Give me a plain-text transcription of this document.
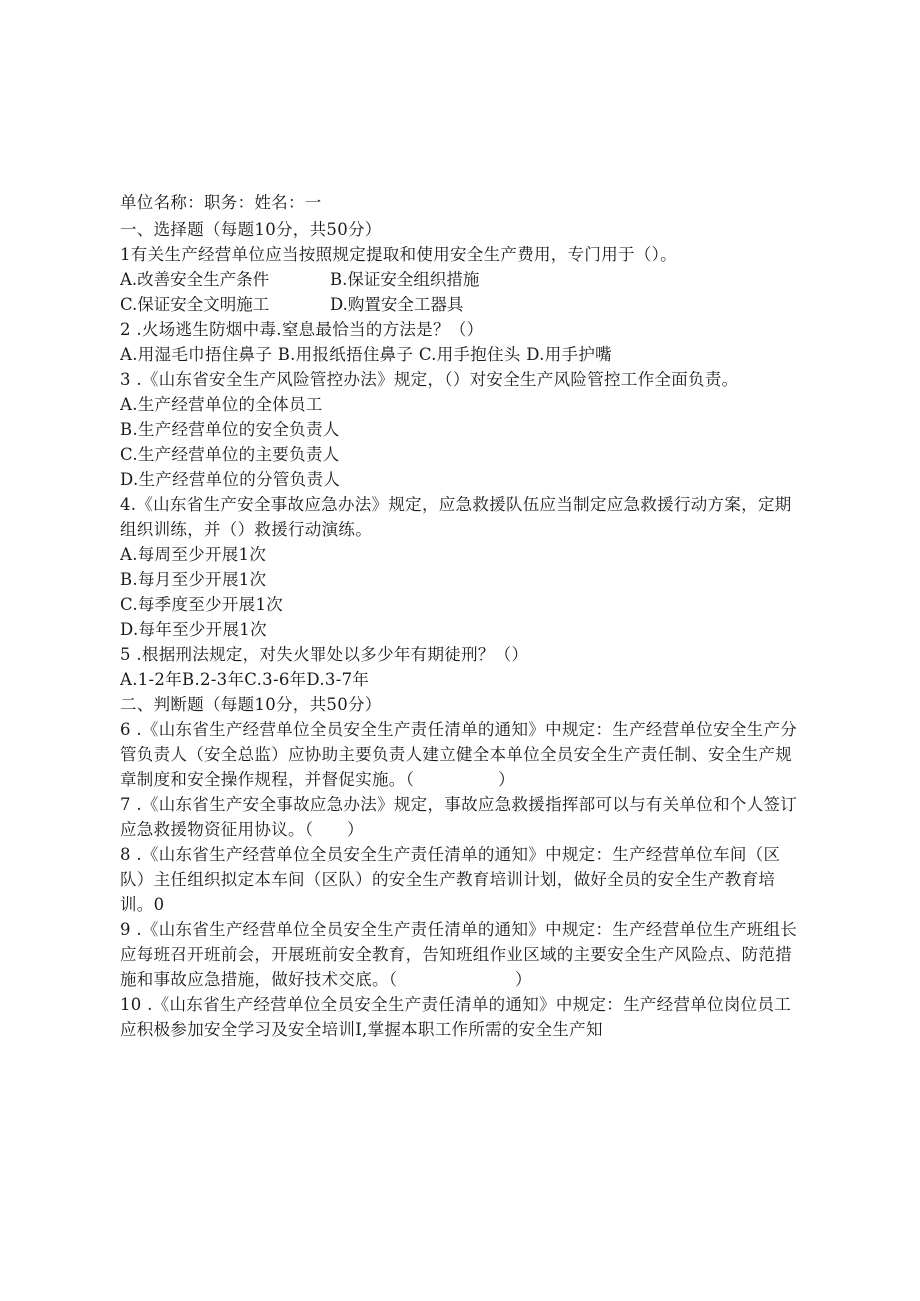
单位名称：职务：姓名：一
一、选择题（每题10分，共50分）
1有关生产经营单位应当按照规定提取和使用安全生产费用，专门用于（）。
A.改善安全生产条件	B.保证安全组织措施
C.保证安全文明施工	D.购置安全工器具
2 .火场逃生防烟中毒.窒息最恰当的方法是？（）
A.用湿毛巾捂住鼻子 B.用报纸捂住鼻子 C.用手抱住头 D.用手护嘴
3 .《山东省安全生产风险管控办法》规定，（）对安全生产风险管控工作全面负责。
A.生产经营单位的全体员工
B.生产经营单位的安全负责人
C.生产经营单位的主要负责人
D.生产经营单位的分管负责人
4.《山东省生产安全事故应急办法》规定，应急救援队伍应当制定应急救援行动方案，定期组织训练，并（）救援行动演练。
A.每周至少开展1次
B.每月至少开展1次
C.每季度至少开展1次
D.每年至少开展1次
5 .根据刑法规定，对失火罪处以多少年有期徒刑？（）
A.1-2年B.2-3年C.3-6年D.3-7年
二、判断题（每题10分，共50分）
6 .《山东省生产经营单位全员安全生产责任清单的通知》中规定：生产经营单位安全生产分管负责人（安全总监）应协助主要负责人建立健全本单位全员安全生产责任制、安全生产规章制度和安全操作规程，并督促实施。（　　　　　）
7 .《山东省生产安全事故应急办法》规定，事故应急救援指挥部可以与有关单位和个人签订应急救援物资征用协议。（　　）
8 .《山东省生产经营单位全员安全生产责任清单的通知》中规定：生产经营单位车间（区队）主任组织拟定本车间（区队）的安全生产教育培训计划，做好全员的安全生产教育培训。0
9 .《山东省生产经营单位全员安全生产责任清单的通知》中规定：生产经营单位生产班组长应每班召开班前会，开展班前安全教育，告知班组作业区域的主要安全生产风险点、防范措施和事故应急措施，做好技术交底。（　　　　　　　）
10 .《山东省生产经营单位全员安全生产责任清单的通知》中规定：生产经营单位岗位员工应积极参加安全学习及安全培训I,掌握本职工作所需的安全生产知
